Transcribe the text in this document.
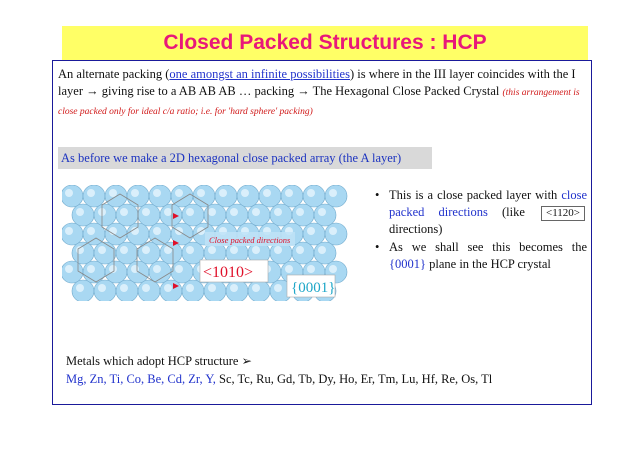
Closed Packed Structures : HCP
An alternate packing (one amongst an infinite possibilities) is where in the III layer coincides with the I layer → giving rise to a AB AB AB … packing → The Hexagonal Close Packed Crystal (this arrangement is close packed only for ideal c/a ratio; i.e. for 'hard sphere' packing)
As before we make a 2D hexagonal close packed array (the A layer)
Close packed directions
<1010>
{0001}
• This is a close packed layer with close packed directions (like <1120> directions)
• As we shall see this becomes the {0001} plane in the HCP crystal
Metals which adopt HCP structure ➢
Mg, Zn, Ti, Co, Be, Cd, Zr, Y, Sc, Tc, Ru, Gd, Tb, Dy, Ho, Er, Tm, Lu, Hf, Re, Os, Tl
